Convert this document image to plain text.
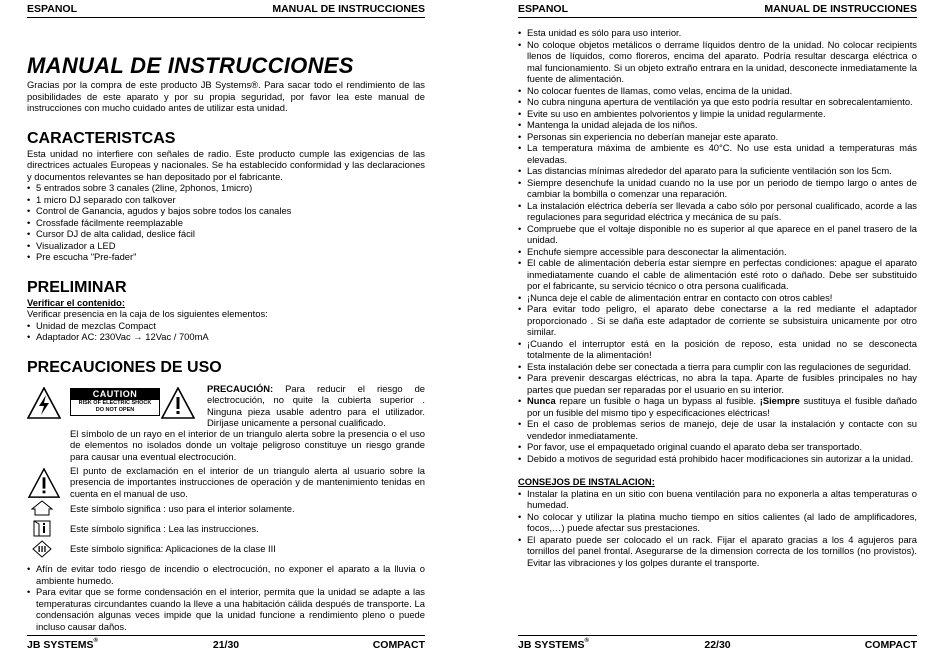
ESPANOL	MANUAL DE INSTRUCCIONES
MANUAL DE INSTRUCCIONES
Gracias por la compra de este producto JB Systems®. Para sacar todo el rendimiento de las posibilidades de este aparato y por su propia seguridad, por favor lea este manual de instrucciones con mucho cuidado antes de utilizar esta unidad.
CARACTERISTCAS
Esta unidad no interfiere con señales de radio. Este producto cumple las exigencias de las directrices actuales Europeas y nacionales. Se ha establecido conformidad y las declaraciones y documentos relevantes se han depositado por el fabricante.
• 5 entrados sobre 3 canales (2line, 2phonos, 1micro)
• 1 micro DJ separado con talkover
• Control de Ganancia, agudos y bajos sobre todos los canales
• Crossfade fácilmente reemplazable
• Cursor DJ de alta calidad, deslice fácil
• Visualizador a LED
• Pre escucha "Pre-fader"
PRELIMINAR
Verificar el contenido:
Verificar presencia en la caja de los siguientes elementos:
• Unidad de mezclas Compact
• Adaptador AC: 230Vac → 12Vac / 700mA
PRECAUCIONES DE USO
CAUTION
RISK OF ELECTRIC SHOCK
DO NOT OPEN
PRECAUCIÓN: Para reducir el riesgo de electrocución, no quite la cubierta superior . Ninguna pieza usable adentro para el utilizador. Diríjase unicamente a personal cualificado.
El símbolo de un rayo en el interior de un triangulo alerta sobre la presencia o el uso de elementos no isolados donde un voltaje peligroso constituye un riesgo grande para causar una eventual electrocución.
El punto de exclamación en el interior de un triangulo alerta al usuario sobre la presencia de importantes instrucciones de operación y de mantenimiento tenidas en cuenta en el manual de uso.
Este símbolo significa : uso para el interior solamente.
Este símbolo significa : Lea las instrucciones.
Este símbolo significa: Aplicaciones de la clase III
• Afín de evitar todo riesgo de incendio o electrocución, no exponer el aparato a la lluvia o ambiente humedo.
• Para evitar que se forme condensación en el interior, permita que la unidad se adapte a las temperaturas circundantes cuando la lleve a una habitación cálida después de transporte. La condensación algunas veces impide que la unidad funcione a rendimiento pleno o puede incluso causar daños.
JB SYSTEMS®	21/30	COMPACT
ESPANOL	MANUAL DE INSTRUCCIONES
• Esta unidad es sólo para uso interior.
• No coloque objetos metálicos o derrame líquidos dentro de la unidad. No colocar recipients llenos de líquidos, como floreros, encima del aparato. Podría resultar descarga eléctrica o mal funcionamiento. Si un objeto extraño entrara en la unidad, desconecte inmediatamente la fuente de alimentación.
• No colocar fuentes de llamas, como velas, encima de la unidad.
• No cubra ninguna apertura de ventilación ya que esto podría resultar en sobrecalentamiento.
• Evite su uso en ambientes polvorientos y limpie la unidad regularmente.
• Mantenga la unidad alejada de los niños.
• Personas sin experiencia no deberían manejar este aparato.
• La temperatura máxima de ambiente es 40°C. No use esta unidad a temperaturas más elevadas.
• Las distancias mínimas alrededor del aparato para la suficiente ventilación son los 5cm.
• Siempre desenchufe la unidad cuando no la use por un periodo de tiempo largo o antes de cambiar la bombilla o comenzar una reparación.
• La instalación eléctrica debería ser llevada a cabo sólo por personal cualificado, acorde a las regulaciones para seguridad eléctrica y mecánica de su país.
• Compruebe que el voltaje disponible no es superior al que aparece en el panel trasero de la unidad.
• Enchufe siempre accessible para desconectar la alimentación.
• El cable de alimentación debería estar siempre en perfectas condiciones: apague el aparato inmediatamente cuando el cable de alimentación esté roto o dañado. Debe ser substituido por el fabricante, su servicio técnico o otra persona cualificada.
• ¡Nunca deje el cable de alimentación entrar en contacto con otros cables!
• Para evitar todo peligro, el aparato debe conectarse a la red mediante el adaptador proporcionado . Si se daña este adaptador de corriente se subsistuira unicamente por otro similar.
• ¡Cuando el interruptor está en la posición de reposo, esta unidad no se desconecta totalmente de la alimentación!
• Esta instalación debe ser conectada a tierra para cumplir con las regulaciones de seguridad.
• Para prevenir descargas eléctricas, no abra la tapa. Aparte de fusibles principales no hay partes que puedan ser reparadas por el usuario en su interior.
• Nunca repare un fusible o haga un bypass al fusible. ¡Siempre sustituya el fusible dañado por un fusible del mismo tipo y especificaciones eléctricas!
• En el caso de problemas serios de manejo, deje de usar la instalación y contacte con su vendedor inmediatamente.
• Por favor, use el empaquetado original cuando el aparato deba ser transportado.
• Debido a motivos de seguridad está prohibido hacer modificaciones sin autorizar a la unidad.
CONSEJOS DE INSTALACION:
• Instalar la platina en un sitio con buena ventilación para no exponerla a altas temperaturas o humedad.
• No colocar y utilizar la platina mucho tiempo en sitios calientes (al lado de amplificadores, focos,…) puede afectar sus prestaciones.
• El aparato puede ser colocado el un rack. Fijar el aparato gracias a los 4 agujeros para tornillos del panel frontal. Asegurarse de la dimension correcta de los tornillos (no provistos). Evitar las vibraciones y los golpes durante el transporte.
JB SYSTEMS®	22/30	COMPACT
